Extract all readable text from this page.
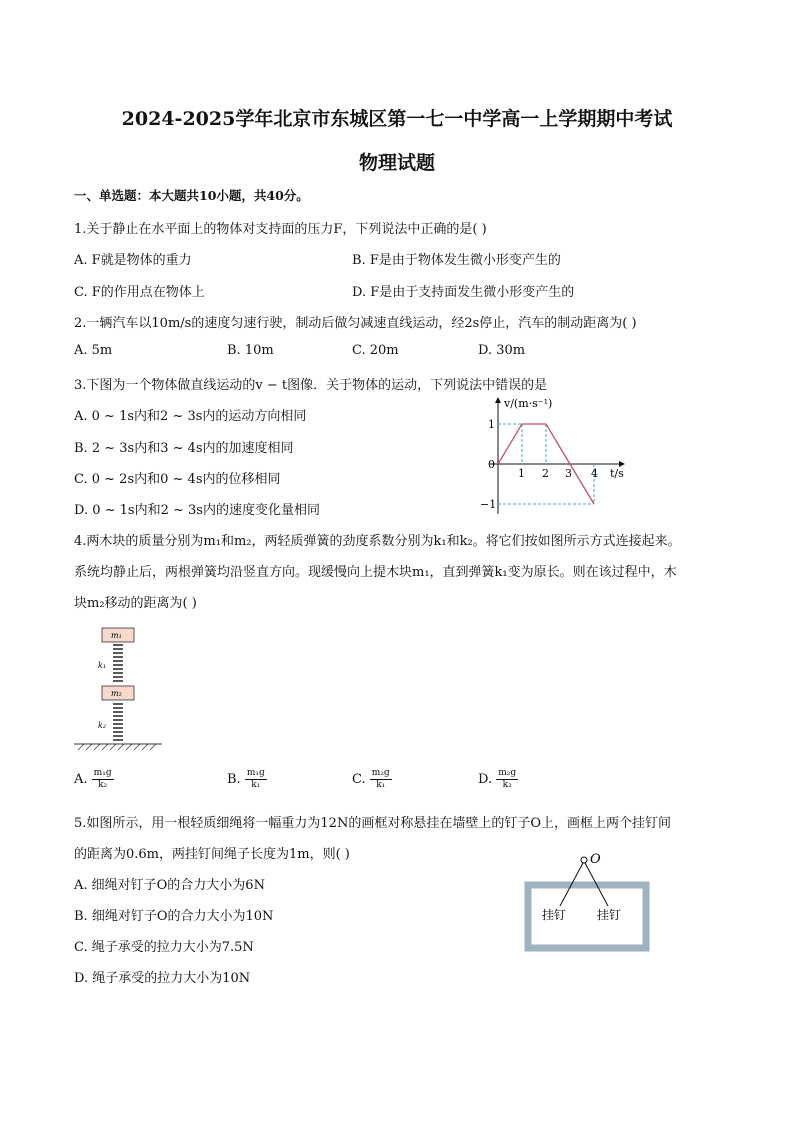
2024-2025学年北京市东城区第一七一中学高一上学期期中考试
物理试题
一、单选题：本大题共10小题，共40分。
1.关于静止在水平面上的物体对支持面的压力F，下列说法中正确的是( )
A. F就是物体的重力	B. F是由于物体发生微小形变产生的
C. F的作用点在物体上	D. F是由于支持面发生微小形变产生的
2.一辆汽车以10m/s的速度匀速行驶，制动后做匀减速直线运动，经2s停止，汽车的制动距离为( )
A. 5m	B. 10m	C. 20m	D. 30m
3.下图为一个物体做直线运动的v − t图像．关于物体的运动，下列说法中错误的是
A. 0 ~ 1s内和2 ~ 3s内的运动方向相同
B. 2 ~ 3s内和3 ~ 4s内的加速度相同
C. 0 ~ 2s内和0 ~ 4s内的位移相同
D. 0 ~ 1s内和2 ~ 3s内的速度变化量相同
v/(m·s⁻¹)
t/s
1
0
−1
1 2 3 4
4.两木块的质量分别为m₁和m₂，两轻质弹簧的劲度系数分别为k₁和k₂。将它们按如图所示方式连接起来。
系统均静止后，两根弹簧均沿竖直方向。现缓慢向上提木块m₁，直到弹簧k₁变为原长。则在该过程中，木
块m₂移动的距离为( )
m₁
k₁
m₂
k₂
A. $\frac{\text{m₁g}}{\text{k₂}}$	B. $\frac{\text{m₁g}}{\text{k₁}}$	C. $\frac{\text{m₂g}}{\text{k₁}}$	D. $\frac{\text{m₂g}}{\text{k₂}}$
5.如图所示，用一根轻质细绳将一幅重力为12N的画框对称悬挂在墙壁上的钉子O上，画框上两个挂钉间
的距离为0.6m，两挂钉间绳子长度为1m，则( )
A. 细绳对钉子O的合力大小为6N
B. 细绳对钉子O的合力大小为10N
C. 绳子承受的拉力大小为7.5N
D. 绳子承受的拉力大小为10N
O
挂钉	挂钉
